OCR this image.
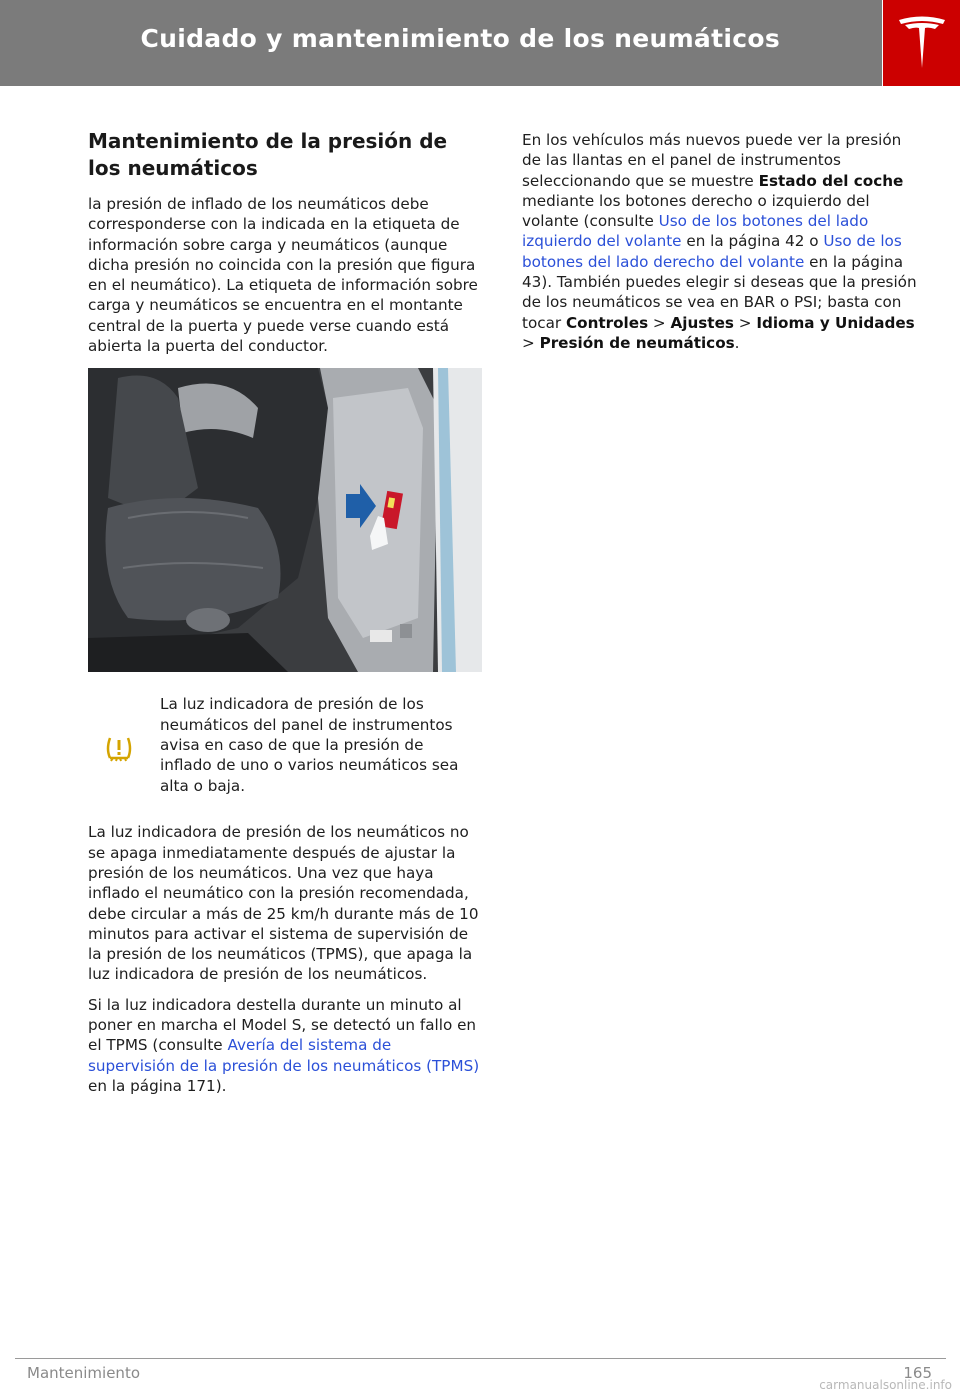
Cuidado y mantenimiento de los neumáticos
Mantenimiento de la presión de los neumáticos

la presión de inflado de los neumáticos debe corresponderse con la indicada en la etiqueta de información sobre carga y neumáticos (aunque dicha presión no coincida con la presión que figura en el neumático). La etiqueta de información sobre carga y neumáticos se encuentra en el montante central de la puerta y puede verse cuando está abierta la puerta del conductor.

La luz indicadora de presión de los neumáticos del panel de instrumentos avisa en caso de que la presión de inflado de uno o varios neumáticos sea alta o baja.

La luz indicadora de presión de los neumáticos no se apaga inmediatamente después de ajustar la presión de los neumáticos. Una vez que haya inflado el neumático con la presión recomendada, debe circular a más de 25 km/h durante más de 10 minutos para activar el sistema de supervisión de la presión de los neumáticos (TPMS), que apaga la luz indicadora de presión de los neumáticos.

Si la luz indicadora destella durante un minuto al poner en marcha el Model S, se detectó un fallo en el TPMS (consulte Avería del sistema de supervisión de la presión de los neumáticos (TPMS) en la página 171).

En los vehículos más nuevos puede ver la presión de las llantas en el panel de instrumentos seleccionando que se muestre Estado del coche mediante los botones derecho o izquierdo del volante (consulte Uso de los botones del lado izquierdo del volante en la página 42 o Uso de los botones del lado derecho del volante en la página 43). También puedes elegir si deseas que la presión de los neumáticos se vea en BAR o PSI; basta con tocar Controles > Ajustes > Idioma y Unidades > Presión de neumáticos.

Mantenimiento	165
carmanualsonline.info
